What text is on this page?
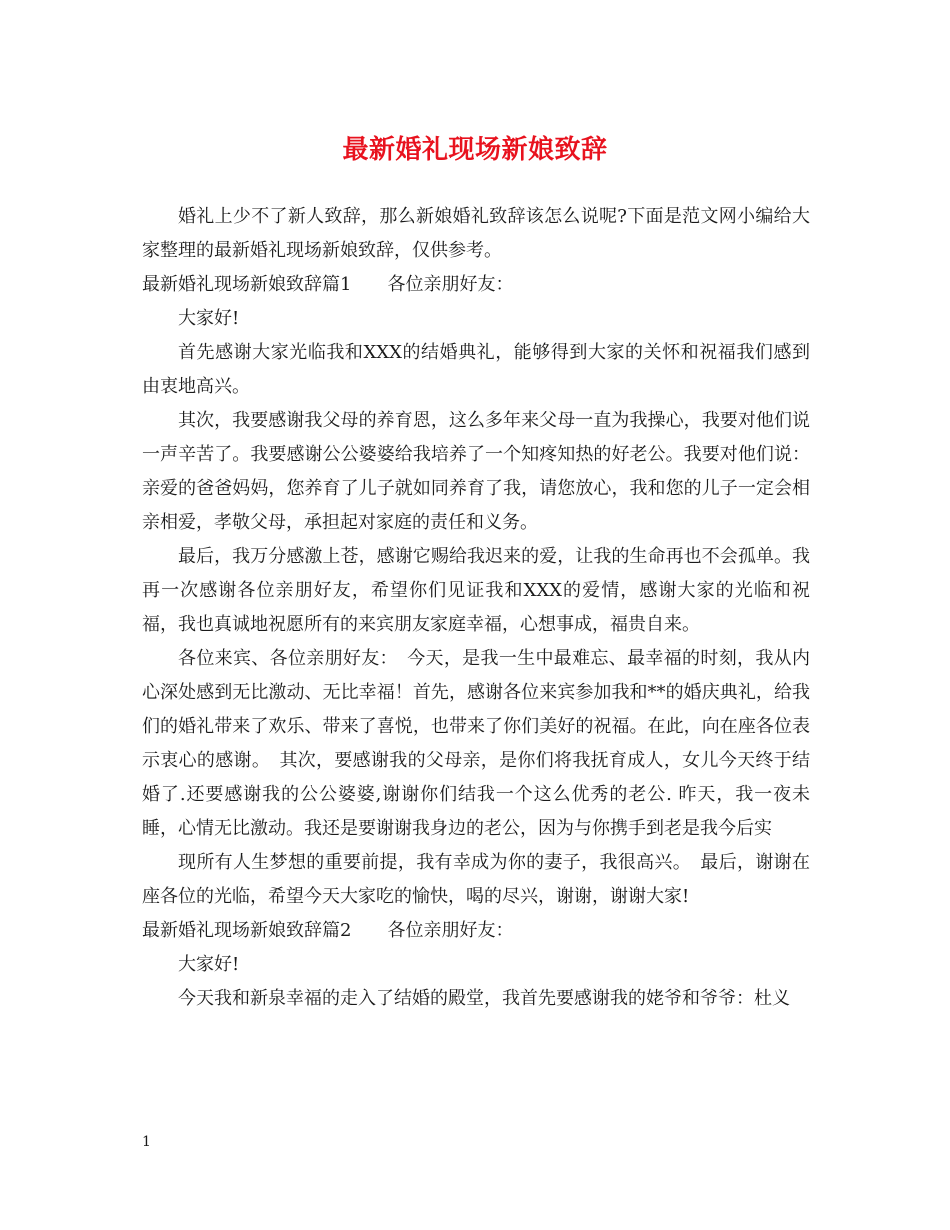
最新婚礼现场新娘致辞

婚礼上少不了新人致辞，那么新娘婚礼致辞该怎么说呢?下面是范文网小编给大家整理的最新婚礼现场新娘致辞，仅供参考。

最新婚礼现场新娘致辞篇1　　各位亲朋好友：

大家好!

首先感谢大家光临我和XXX的结婚典礼，能够得到大家的关怀和祝福我们感到由衷地高兴。

其次，我要感谢我父母的养育恩，这么多年来父母一直为我操心，我要对他们说一声辛苦了。我要感谢公公婆婆给我培养了一个知疼知热的好老公。我要对他们说：亲爱的爸爸妈妈，您养育了儿子就如同养育了我，请您放心，我和您的儿子一定会相亲相爱，孝敬父母，承担起对家庭的责任和义务。

最后，我万分感激上苍，感谢它赐给我迟来的爱，让我的生命再也不会孤单。我再一次感谢各位亲朋好友，希望你们见证我和XXX的爱情，感谢大家的光临和祝福，我也真诚地祝愿所有的来宾朋友家庭幸福，心想事成，福贵自来。

各位来宾、各位亲朋好友：　今天，是我一生中最难忘、最幸福的时刻，我从内心深处感到无比激动、无比幸福！首先，感谢各位来宾参加我和**的婚庆典礼，给我们的婚礼带来了欢乐、带来了喜悦，也带来了你们美好的祝福。在此，向在座各位表示衷心的感谢。　其次，要感谢我的父母亲，是你们将我抚育成人，女儿今天终于结婚了.还要感谢我的公公婆婆,谢谢你们结我一个这么优秀的老公. 昨天，我一夜未睡，心情无比激动。我还是要谢谢我身边的老公，因为与你携手到老是我今后实

现所有人生梦想的重要前提，我有幸成为你的妻子，我很高兴。　最后，谢谢在座各位的光临，希望今天大家吃的愉快，喝的尽兴，谢谢，谢谢大家!

最新婚礼现场新娘致辞篇2　　各位亲朋好友：

大家好!

今天我和新泉幸福的走入了结婚的殿堂，我首先要感谢我的姥爷和爷爷：杜义

1
